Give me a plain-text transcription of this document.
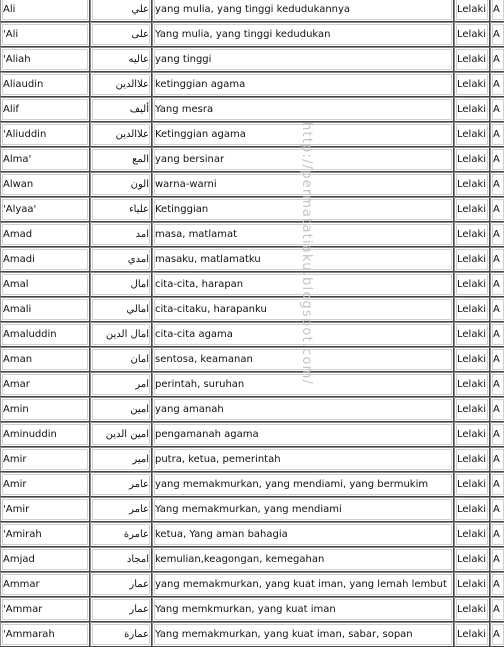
Ali	علي	yang mulia, yang tinggi kedudukannya	Lelaki	A
'Ali	على	Yang mulia, yang tinggi kedudukan	Lelaki	A
'Aliah	عاليه	yang tinggi	Lelaki	A
Aliaudin	علاالدين	ketinggian agama	Lelaki	A
Alif	أليف	Yang mesra	Lelaki	A
'Aliuddin	علاالدين	Ketinggian agama	Lelaki	A
Alma'	المع	yang bersinar	Lelaki	A
Alwan	الون	warna-warni	Lelaki	A
'Alyaa'	علياء	Ketinggian	Lelaki	A
Amad	امد	masa, matlamat	Lelaki	A
Amadi	امدي	masaku, matlamatku	Lelaki	A
Amal	امال	cita-cita, harapan	Lelaki	A
Amali	امالي	cita-citaku, harapanku	Lelaki	A
Amaluddin	امال الدين	cita-cita agama	Lelaki	A
Aman	امان	sentosa, keamanan	Lelaki	A
Amar	امر	perintah, suruhan	Lelaki	A
Amin	امين	yang amanah	Lelaki	A
Aminuddin	امين الدين	pengamanah agama	Lelaki	A
Amir	امير	putra, ketua, pemerintah	Lelaki	A
Amir	عامر	yang memakmurkan, yang mendiami, yang bermukim	Lelaki	A
'Amir	عامر	Yang memakmurkan, yang mendiami	Lelaki	A
'Amirah	عامرة	ketua, Yang aman bahagia	Lelaki	A
Amjad	امجاد	kemulian,keagongan, kemegahan	Lelaki	A
Ammar	عمار	yang memakmurkan, yang kuat iman, yang lemah lembut	Lelaki	A
'Ammar	عمار	Yang memkmurkan, yang kuat iman	Lelaki	A
'Ammarah	عمارة	Yang memakmurkan, yang kuat iman, sabar, sopan	Lelaki	A
http://permatatiaku.blogspot.com/
